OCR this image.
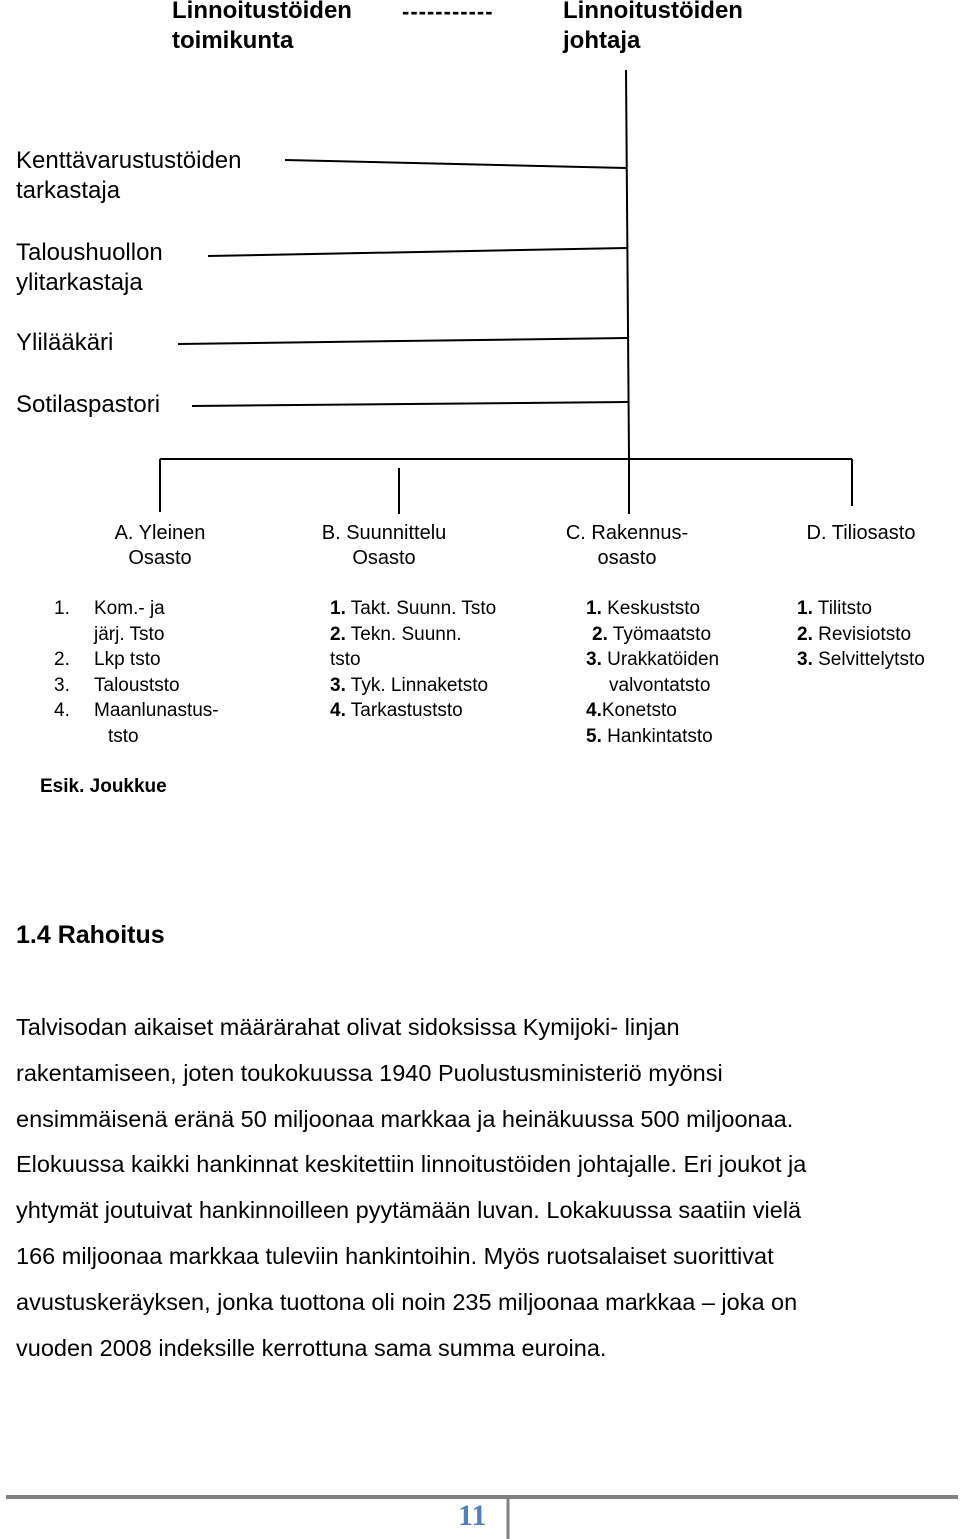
Linnoitustöiden
toimikunta
-----------	Linnoitustöiden
johtaja
Kenttävarustustöiden
tarkastaja
Taloushuollon
ylitarkastaja
Ylilääkäri
Sotilaspastori
A. Yleinen
Osasto
B. Suunnittelu
Osasto
C. Rakennus-
osasto
D. Tiliosasto
1. Kom.- ja
järj. Tsto
2. Lkp tsto
3. Talouststo
4. Maanlunastus-
tsto
1. Takt. Suunn. Tsto
2. Tekn. Suunn.
tsto
3. Tyk. Linnaketsto
4. Tarkastuststo
1. Keskuststo
2. Työmaatsto
3. Urakkatöiden
valvontatsto
4.Konetsto
5. Hankintatsto
1. Tilitsto
2. Revisiotsto
3. Selvittelytsto
Esik. Joukkue
1.4 Rahoitus
Talvisodan aikaiset määrärahat olivat sidoksissa Kymijoki- linjan
rakentamiseen, joten toukokuussa 1940 Puolustusministeriö myönsi
ensimmäisenä eränä 50 miljoonaa markkaa ja heinäkuussa 500 miljoonaa.
Elokuussa kaikki hankinnat keskitettiin linnoitustöiden johtajalle. Eri joukot ja
yhtymät joutuivat hankinnoilleen pyytämään luvan. Lokakuussa saatiin vielä
166 miljoonaa markkaa tuleviin hankintoihin. Myös ruotsalaiset suorittivat
avustuskeräyksen, jonka tuottona oli noin 235 miljoonaa markkaa – joka on
vuoden 2008 indeksille kerrottuna sama summa euroina.
11
